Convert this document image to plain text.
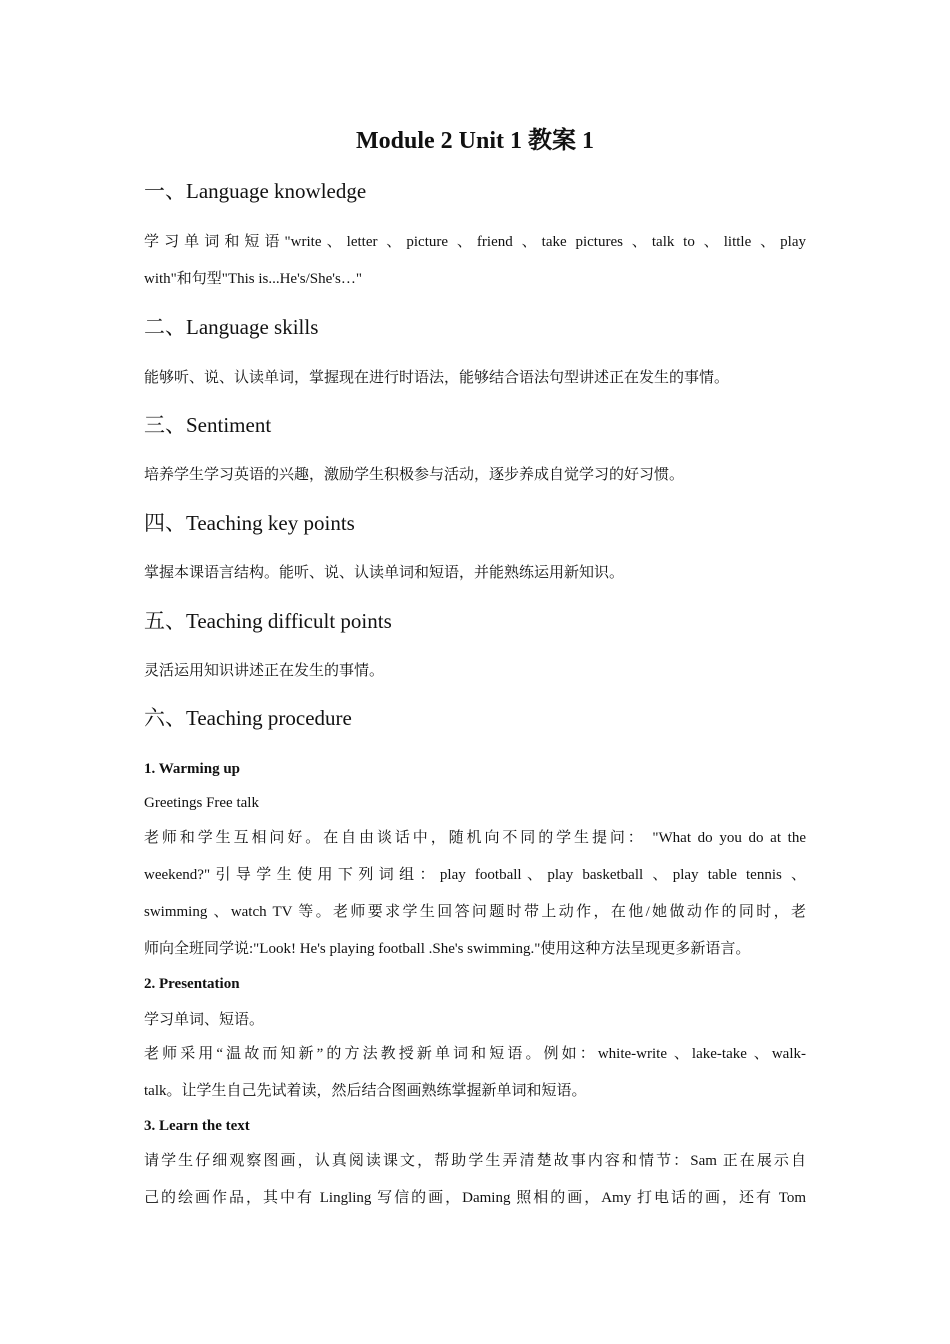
Module 2 Unit 1 教案 1
一、Language knowledge
学习单词和短语"write、letter 、picture 、friend 、take pictures 、talk to 、little 、play
with"和句型"This is...He's/She's…"
二、Language skills
能够听、说、认读单词，掌握现在进行时语法，能够结合语法句型讲述正在发生的事情。
三、Sentiment
培养学生学习英语的兴趣，激励学生积极参与活动，逐步养成自觉学习的好习惯。
四、Teaching key points
掌握本课语言结构。能听、说、认读单词和短语，并能熟练运用新知识。
五、Teaching difficult points
灵活运用知识讲述正在发生的事情。
六、Teaching procedure
1. Warming up
Greetings Free talk
老师和学生互相问好。在自由谈话中，随机向不同的学生提问： "What do you do at the
weekend?"引导学生使用下列词组：play football、play basketball 、play table tennis 、
swimming 、watch TV 等。老师要求学生回答问题时带上动作，在他/她做动作的同时，老
师向全班同学说:"Look! He's playing football .She's swimming."使用这种方法呈现更多新语言。
2. Presentation
学习单词、短语。
老师采用“温故而知新”的方法教授新单词和短语。例如：white-write 、lake-take 、walk-
talk。让学生自己先试着读，然后结合图画熟练掌握新单词和短语。
3. Learn the text
请学生仔细观察图画，认真阅读课文，帮助学生弄清楚故事内容和情节：Sam 正在展示自
己的绘画作品，其中有 Lingling 写信的画，Daming 照相的画，Amy 打电话的画，还有 Tom
